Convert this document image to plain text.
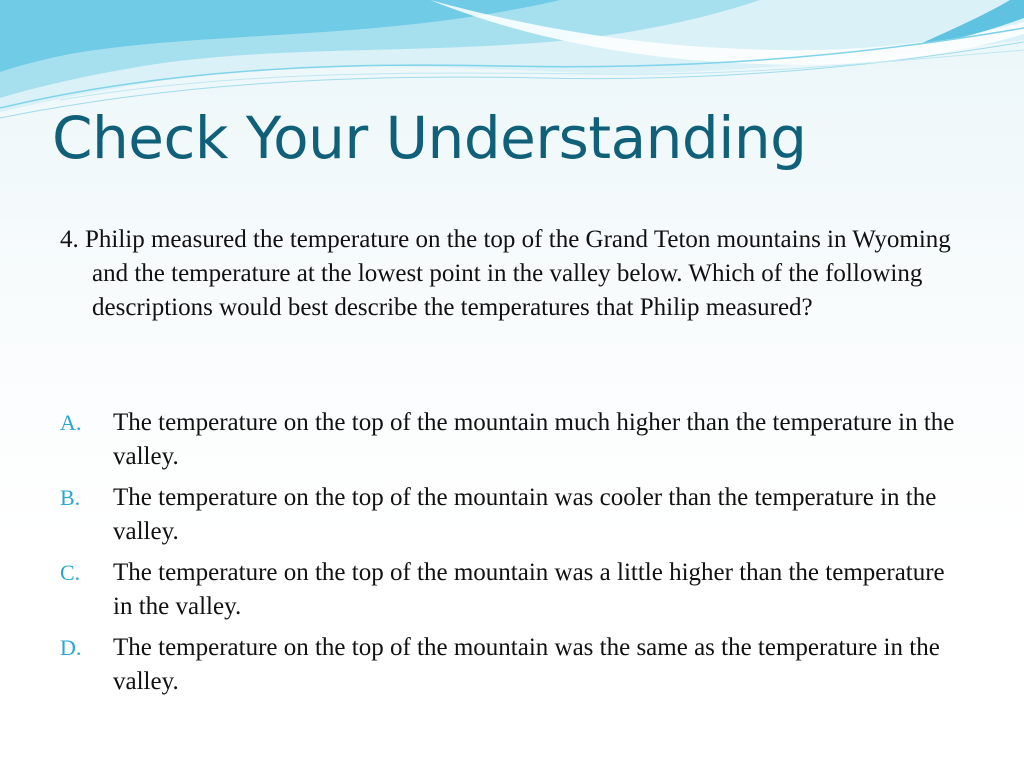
Check Your Understanding
4. Philip measured the temperature on the top of the Grand Teton mountains in Wyoming and the temperature at the lowest point in the valley below. Which of the following descriptions would best describe the temperatures that Philip measured?
A. The temperature on the top of the mountain much higher than the temperature in the valley.
B. The temperature on the top of the mountain was cooler than the temperature in the valley.
C. The temperature on the top of the mountain was a little higher than the temperature in the valley.
D. The temperature on the top of the mountain was the same as the temperature in the valley.
